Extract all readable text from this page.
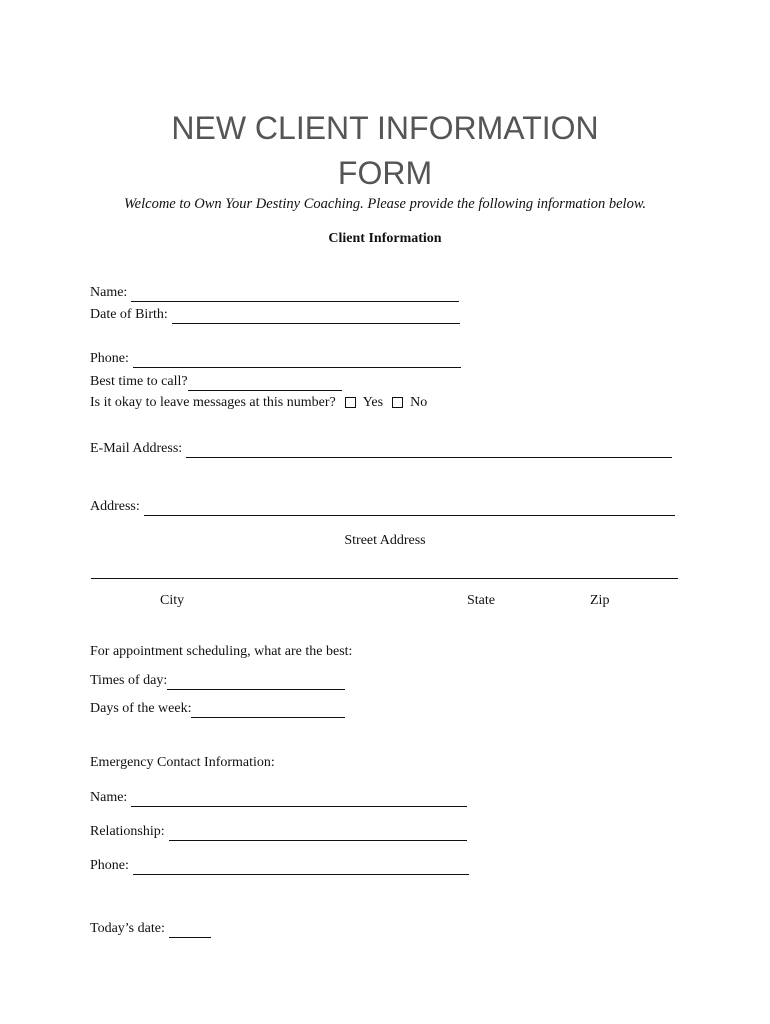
NEW CLIENT INFORMATION
FORM
Welcome to Own Your Destiny Coaching. Please provide the following information below.
Client Information
Name:
Date of Birth:
Phone:
Best time to call?
Is it okay to leave messages at this number? Yes No
E-Mail Address:
Address:
Street Address
City	State	Zip
For appointment scheduling, what are the best:
Times of day:
Days of the week:
Emergency Contact Information:
Name:
Relationship:
Phone:
Today’s date:
